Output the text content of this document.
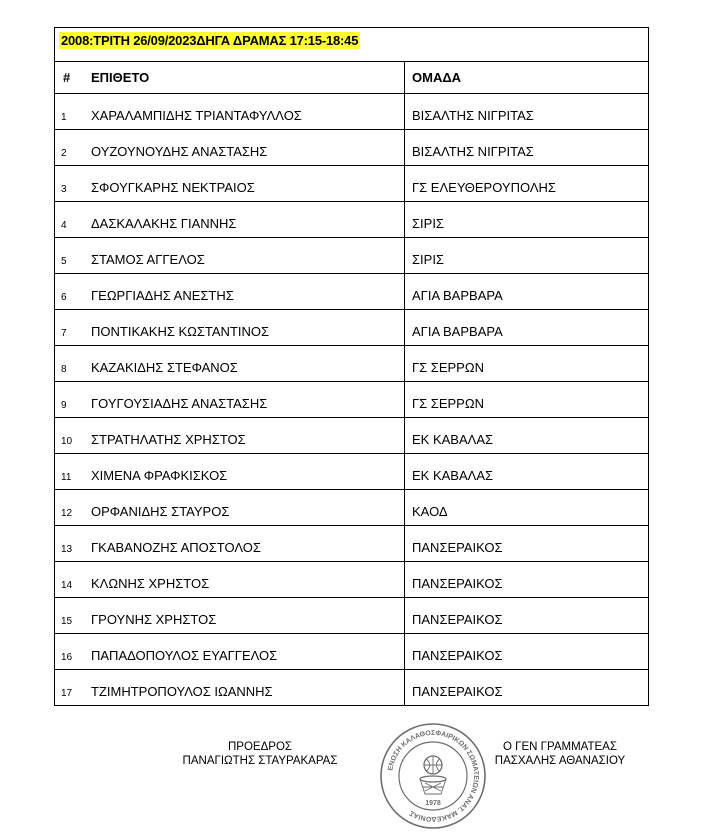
2008:ΤΡΙΤΗ 26/09/2023ΔΗΓΑ ΔΡΑΜΑΣ 17:15-18:45
# ΕΠΙΘΕΤΟ	ΟΜΑΔΑ
1 ΧΑΡΑΛΑΜΠΙΔΗΣ ΤΡΙΑΝΤΑΦΥΛΛΟΣ	ΒΙΣΑΛΤΗΣ ΝΙΓΡΙΤΑΣ
2 ΟΥΖΟΥΝΟΥΔΗΣ ΑΝΑΣΤΑΣΗΣ	ΒΙΣΑΛΤΗΣ ΝΙΓΡΙΤΑΣ
3 ΣΦΟΥΓΚΑΡΗΣ ΝΕΚΤΡΑΙΟΣ	ΓΣ ΕΛΕΥΘΕΡΟΥΠΟΛΗΣ
4 ΔΑΣΚΑΛΑΚΗΣ ΓΙΑΝΝΗΣ	ΣΙΡΙΣ
5 ΣΤΑΜΟΣ ΑΓΓΕΛΟΣ	ΣΙΡΙΣ
6 ΓΕΩΡΓΙΑΔΗΣ ΑΝΕΣΤΗΣ	ΑΓΙΑ ΒΑΡΒΑΡΑ
7 ΠΟΝΤΙΚΑΚΗΣ ΚΩΣΤΑΝΤΙΝΟΣ	ΑΓΙΑ ΒΑΡΒΑΡΑ
8 ΚΑΖΑΚΙΔΗΣ ΣΤΕΦΑΝΟΣ	ΓΣ ΣΕΡΡΩΝ
9 ΓΟΥΓΟΥΣΙΑΔΗΣ ΑΝΑΣΤΑΣΗΣ	ΓΣ ΣΕΡΡΩΝ
10 ΣΤΡΑΤΗΛΑΤΗΣ ΧΡΗΣΤΟΣ	ΕΚ ΚΑΒΑΛΑΣ
11 ΧΙΜΕΝΑ ΦΡΑΦΚΙΣΚΟΣ	ΕΚ ΚΑΒΑΛΑΣ
12 ΟΡΦΑΝΙΔΗΣ ΣΤΑΥΡΟΣ	ΚΑΟΔ
13 ΓΚΑΒΑΝΟΖΗΣ ΑΠΟΣΤΟΛΟΣ	ΠΑΝΣΕΡΑΙΚΟΣ
14 ΚΛΩΝΗΣ ΧΡΗΣΤΟΣ	ΠΑΝΣΕΡΑΙΚΟΣ
15 ΓΡΟΥΝΗΣ ΧΡΗΣΤΟΣ	ΠΑΝΣΕΡΑΙΚΟΣ
16 ΠΑΠΑΔΟΠΟΥΛΟΣ ΕΥΑΓΓΕΛΟΣ	ΠΑΝΣΕΡΑΙΚΟΣ
17 ΤΖΙΜΗΤΡΟΠΟΥΛΟΣ ΙΩΑΝΝΗΣ	ΠΑΝΣΕΡΑΙΚΟΣ
ΠΡΟΕΔΡΟΣ
ΠΑΝΑΓΙΩΤΗΣ ΣΤΑΥΡΑΚΑΡΑΣ
ΕΝΩΣΗ ΚΑΛΑΘΟΣΦΑΙΡΙΚΩΝ ΣΩΜΑΤΕΙΩΝ ΑΝΑΤ. ΜΑΚΕΔΟΝΙΑΣ
1978
Ο ΓΕΝ ΓΡΑΜΜΑΤΕΑΣ
ΠΑΣΧΑΛΗΣ ΑΘΑΝΑΣΙΟΥ
